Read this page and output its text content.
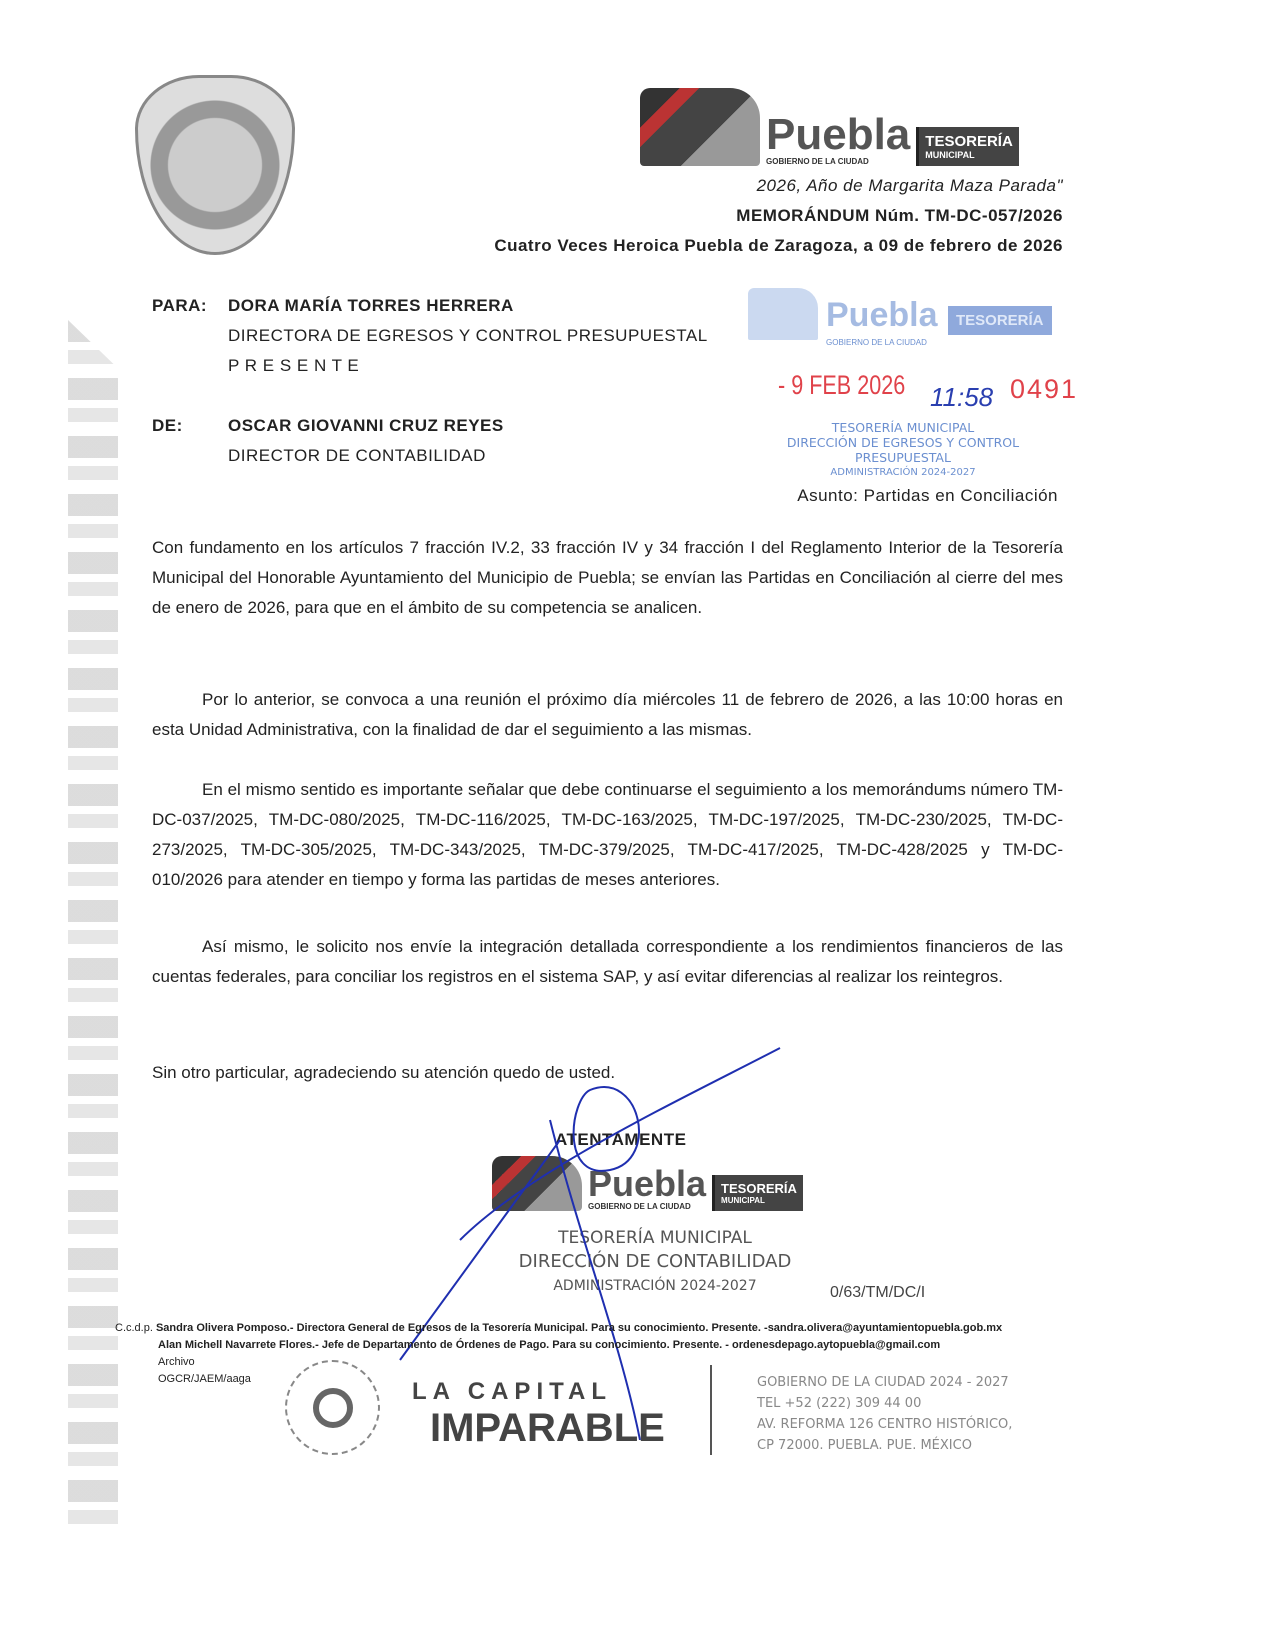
Puebla
GOBIERNO DE LA CIUDAD
TESORERÍA
MUNICIPAL
2026, Año de Margarita Maza Parada"
MEMORÁNDUM Núm. TM-DC-057/2026
Cuatro Veces Heroica Puebla de Zaragoza, a 09 de febrero de 2026
PARA: DORA MARÍA TORRES HERRERA
DIRECTORA DE EGRESOS Y CONTROL PRESUPUESTAL
P R E S E N T E
DE:	OSCAR GIOVANNI CRUZ REYES
DIRECTOR DE CONTABILIDAD
Puebla
GOBIERNO DE LA CIUDAD
TESORERÍA
- 9 FEB 2026 11:58 0491
TESORERÍA MUNICIPAL
DIRECCIÓN DE EGRESOS Y CONTROL
PRESUPUESTAL
ADMINISTRACIÓN 2024-2027
Asunto: Partidas en Conciliación

Con fundamento en los artículos 7 fracción IV.2, 33 fracción IV y 34 fracción I del Reglamento Interior de la Tesorería Municipal del Honorable Ayuntamiento del Municipio de Puebla; se envían las Partidas en Conciliación al cierre del mes de enero de 2026, para que en el ámbito de su competencia se analicen.

Por lo anterior, se convoca a una reunión el próximo día miércoles 11 de febrero de 2026, a las 10:00 horas en esta Unidad Administrativa, con la finalidad de dar el seguimiento a las mismas.

En el mismo sentido es importante señalar que debe continuarse el seguimiento a los memorándums número TM-DC-037/2025, TM-DC-080/2025, TM-DC-116/2025, TM-DC-163/2025, TM-DC-197/2025, TM-DC-230/2025, TM-DC-273/2025, TM-DC-305/2025, TM-DC-343/2025, TM-DC-379/2025, TM-DC-417/2025, TM-DC-428/2025 y TM-DC-010/2026 para atender en tiempo y forma las partidas de meses anteriores.

Así mismo, le solicito nos envíe la integración detallada correspondiente a los rendimientos financieros de las cuentas federales, para conciliar los registros en el sistema SAP, y así evitar diferencias al realizar los reintegros.

Sin otro particular, agradeciendo su atención quedo de usted.

ATENTAMENTE
Puebla
GOBIERNO DE LA CIUDAD
TESORERÍA
MUNICIPAL
TESORERÍA MUNICIPAL
DIRECCIÓN DE CONTABILIDAD
ADMINISTRACIÓN 2024-2027	0/63/TM/DC/I
C.c.d.p. Sandra Olivera Pomposo.- Directora General de Egresos de la Tesorería Municipal. Para su conocimiento. Presente. -sandra.olivera@ayuntamientopuebla.gob.mx
Alan Michell Navarrete Flores.- Jefe de Departamento de Órdenes de Pago. Para su conocimiento. Presente. - ordenesdepago.aytopuebla@gmail.com
Archivo
OGCR/JAEM/aaga	LA CAPITAL
IMPARABLE
GOBIERNO DE LA CIUDAD 2024 - 2027
TEL +52 (222) 309 44 00
AV. REFORMA 126 CENTRO HISTÓRICO,
CP 72000. PUEBLA. PUE. MÉXICO
